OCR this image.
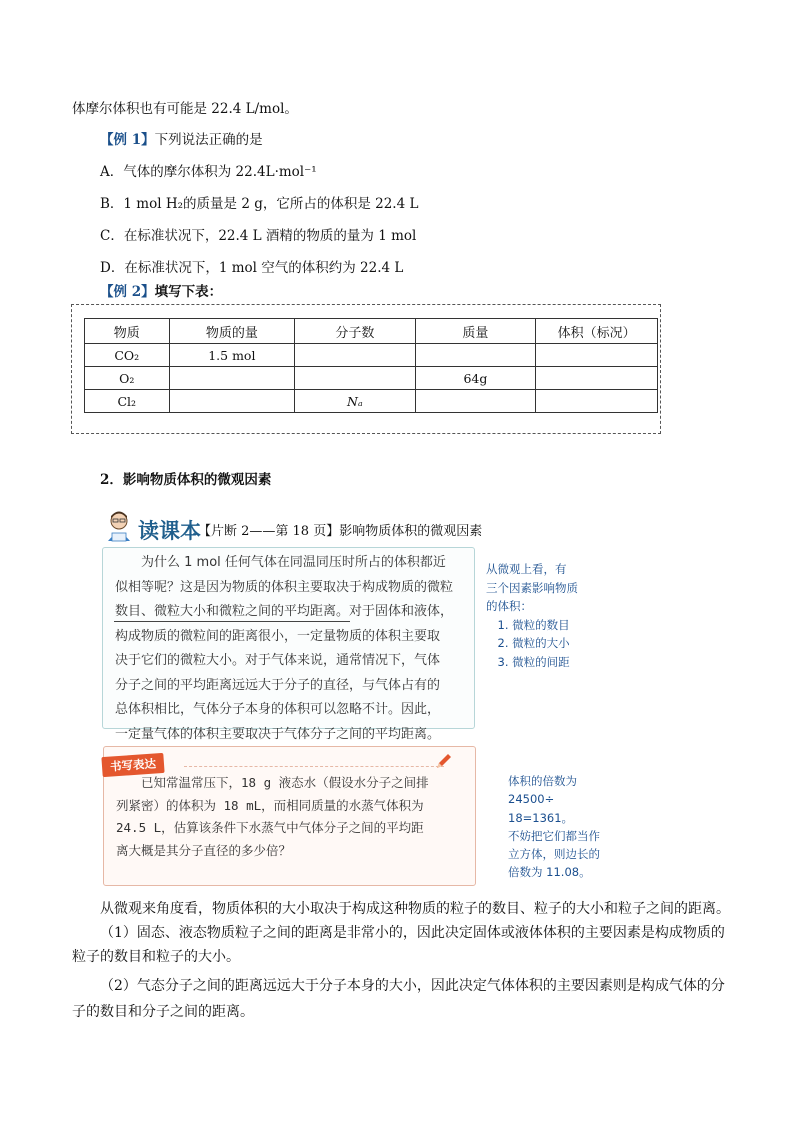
体摩尔体积也有可能是 22.4 L/mol。
【例 1】下列说法正确的是
A．气体的摩尔体积为 22.4L·mol⁻¹
B．1 mol H₂的质量是 2 g，它所占的体积是 22.4 L
C．在标准状况下，22.4 L 酒精的物质的量为 1 mol
D．在标准状况下，1 mol 空气的体积约为 22.4 L
【例 2】填写下表：
物质	物质的量	分子数	质量	体积（标况）
CO₂	1.5 mol			
O₂			64g	
Cl₂		Nₐ		
2．影响物质体积的微观因素
读课本
【片断 2——第 18 页】影响物质体积的微观因素
　　为什么 1 mol 任何气体在同温同压时所占的体积都近
似相等呢？这是因为物质的体积主要取决于构成物质的微粒
数目、微粒大小和微粒之间的平均距离。对于固体和液体，
构成物质的微粒间的距离很小，一定量物质的体积主要取
决于它们的微粒大小。对于气体来说，通常情况下，气体
分子之间的平均距离远远大于分子的直径，与气体占有的
总体积相比，气体分子本身的体积可以忽略不计。因此，
一定量气体的体积主要取决于气体分子之间的平均距离。
从微观上看，有
三个因素影响物质
的体积：
　1. 微粒的数目
　2. 微粒的大小
　3. 微粒的间距
书写表达
　　已知常温常压下，18 g 液态水（假设水分子之间排
列紧密）的体积为 18 mL，而相同质量的水蒸气体积为
24.5 L，估算该条件下水蒸气中气体分子之间的平均距
离大概是其分子直径的多少倍？
体积的倍数为
24500÷ 18=1361。
不妨把它们都当作
立方体，则边长的
倍数为 11.08。
从微观来角度看，物质体积的大小取决于构成这种物质的粒子的数目、粒子的大小和粒子之间的距离。
（1）固态、液态物质粒子之间的距离是非常小的，因此决定固体或液体体积的主要因素是构成物质的
粒子的数目和粒子的大小。
（2）气态分子之间的距离远远大于分子本身的大小，因此决定气体体积的主要因素则是构成气体的分
子的数目和分子之间的距离。
